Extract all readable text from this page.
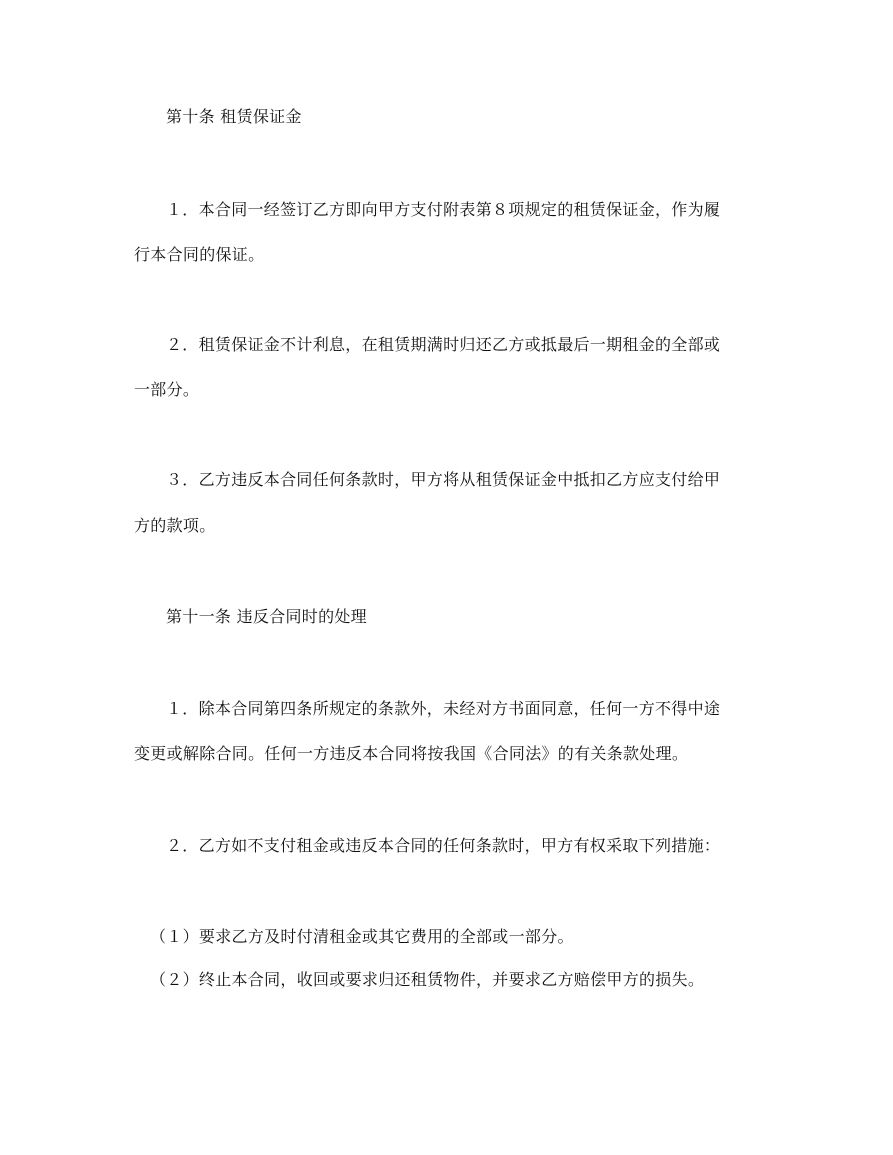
第十条 租赁保证金
１．本合同一经签订乙方即向甲方支付附表第８项规定的租赁保证金，作为履
行本合同的保证。
２．租赁保证金不计利息，在租赁期满时归还乙方或抵最后一期租金的全部或
一部分。
３．乙方违反本合同任何条款时，甲方将从租赁保证金中抵扣乙方应支付给甲
方的款项。
第十一条 违反合同时的处理
１．除本合同第四条所规定的条款外，未经对方书面同意，任何一方不得中途
变更或解除合同。任何一方违反本合同将按我国《合同法》的有关条款处理。
２．乙方如不支付租金或违反本合同的任何条款时，甲方有权采取下列措施：
（１）要求乙方及时付清租金或其它费用的全部或一部分。
（２）终止本合同，收回或要求归还租赁物件，并要求乙方赔偿甲方的损失。
